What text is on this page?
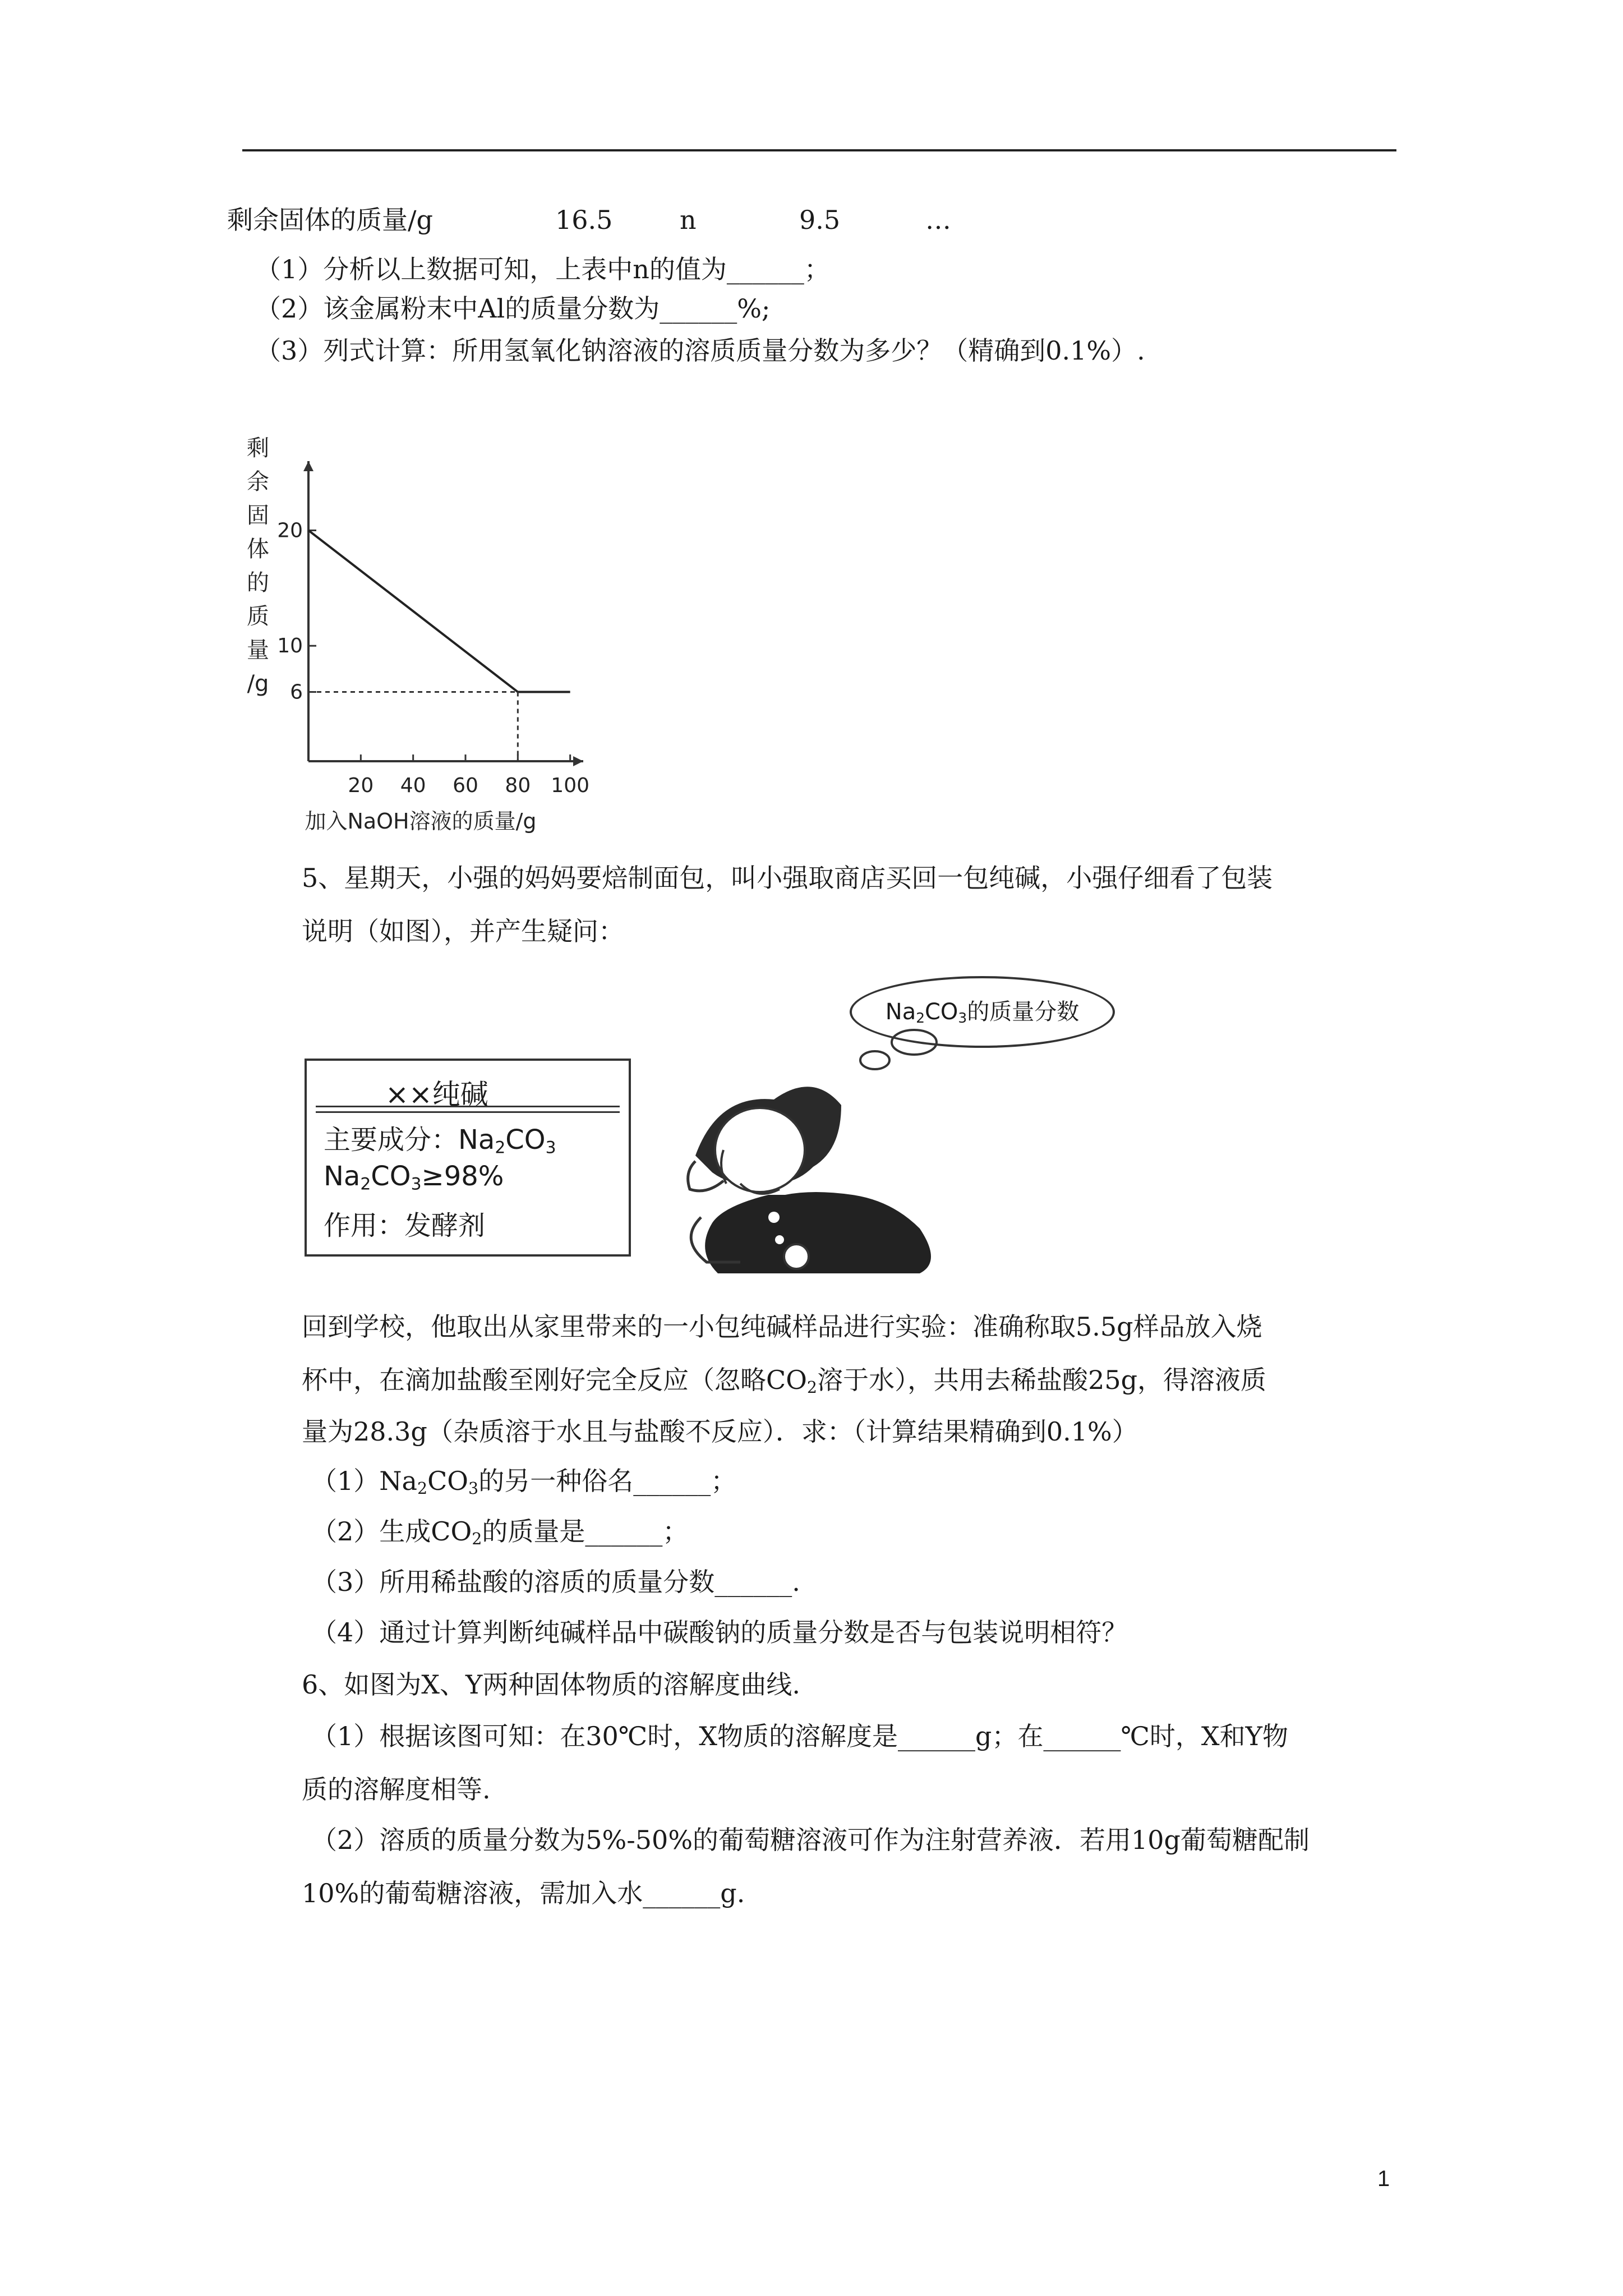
剩余固体的质量/g	16.5	n	9.5	…
（1）分析以上数据可知，上表中n的值为______；
（2）该金属粉末中Al的质量分数为______%;
（3）列式计算：所用氢氧化钠溶液的溶质质量分数为多少？（精确到0.1%）.
20
10
6
20 40 60 80 100
剩
余
固
体
的
质
量
/g
加入NaOH溶液的质量/g
5、星期天，小强的妈妈要焙制面包，叫小强取商店买回一包纯碱，小强仔细看了包装
说明（如图），并产生疑问：
$Na_2CO_3$的质量分数
××纯碱
主要成分：$Na_2CO_3$
$Na_2CO_3\ge 98\%$
作用：发酵剂
回到学校，他取出从家里带来的一小包纯碱样品进行实验：准确称取5.5g样品放入烧
杯中，在滴加盐酸至刚好完全反应（忽略$CO_2$溶于水），共用去稀盐酸25g，得溶液质
量为28.3g（杂质溶于水且与盐酸不反应）．求：（计算结果精确到0.1%）
$(1)Na_2CO_3$的另一种俗名______；
（2）生成$CO_2$的质量是______；
（3）所用稀盐酸的溶质的质量分数______.
（4）通过计算判断纯碱样品中碳酸钠的质量分数是否与包装说明相符？
6、如图为X、Y两种固体物质的溶解度曲线.
（1）根据该图可知：在30℃时，X物质的溶解度是______g；在______℃时，X和Y物
质的溶解度相等.
（2）溶质的质量分数为5%-50%的葡萄糖溶液可作为注射营养液．若用10g葡萄糖配制
10%的葡萄糖溶液，需加入水______g.
1
